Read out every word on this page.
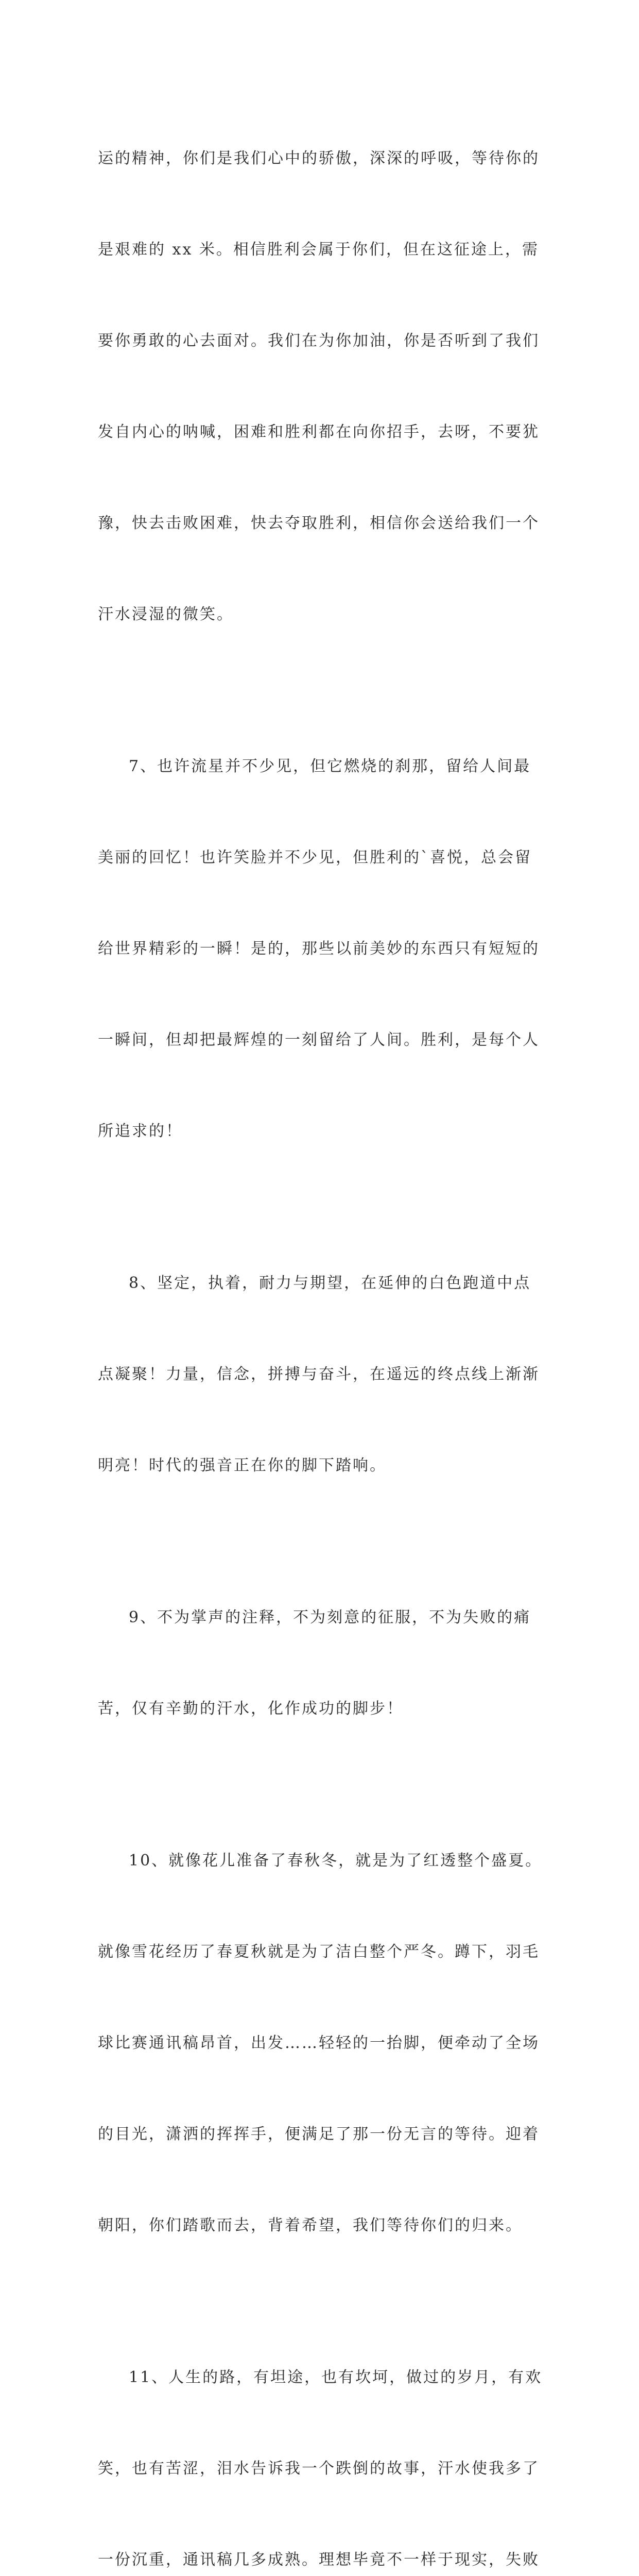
运的精神，你们是我们心中的骄傲，深深的呼吸，等待你的

是艰难的 xx 米。相信胜利会属于你们，但在这征途上，需

要你勇敢的心去面对。我们在为你加油，你是否听到了我们

发自内心的呐喊，困难和胜利都在向你招手，去呀，不要犹

豫，快去击败困难，快去夺取胜利，相信你会送给我们一个

汗水浸湿的微笑。

7、也许流星并不少见，但它燃烧的刹那，留给人间最

美丽的回忆！也许笑脸并不少见，但胜利的`喜悦，总会留

给世界精彩的一瞬！是的，那些以前美妙的东西只有短短的

一瞬间，但却把最辉煌的一刻留给了人间。胜利，是每个人

所追求的！

8、坚定，执着，耐力与期望，在延伸的白色跑道中点

点凝聚！力量，信念，拼搏与奋斗，在遥远的终点线上渐渐

明亮！时代的强音正在你的脚下踏响。

9、不为掌声的注释，不为刻意的征服，不为失败的痛

苦，仅有辛勤的汗水，化作成功的脚步！

10、就像花儿准备了春秋冬，就是为了红透整个盛夏。

就像雪花经历了春夏秋就是为了洁白整个严冬。蹲下，羽毛

球比赛通讯稿昂首，出发……轻轻的一抬脚，便牵动了全场

的目光，潇洒的挥挥手，便满足了那一份无言的等待。迎着

朝阳，你们踏歌而去，背着希望，我们等待你们的归来。

11、人生的路，有坦途，也有坎坷，做过的岁月，有欢

笑，也有苦涩，泪水告诉我一个跌倒的故事，汗水使我多了

一份沉重，通讯稿几多成熟。理想毕竟不一样于现实，失败
